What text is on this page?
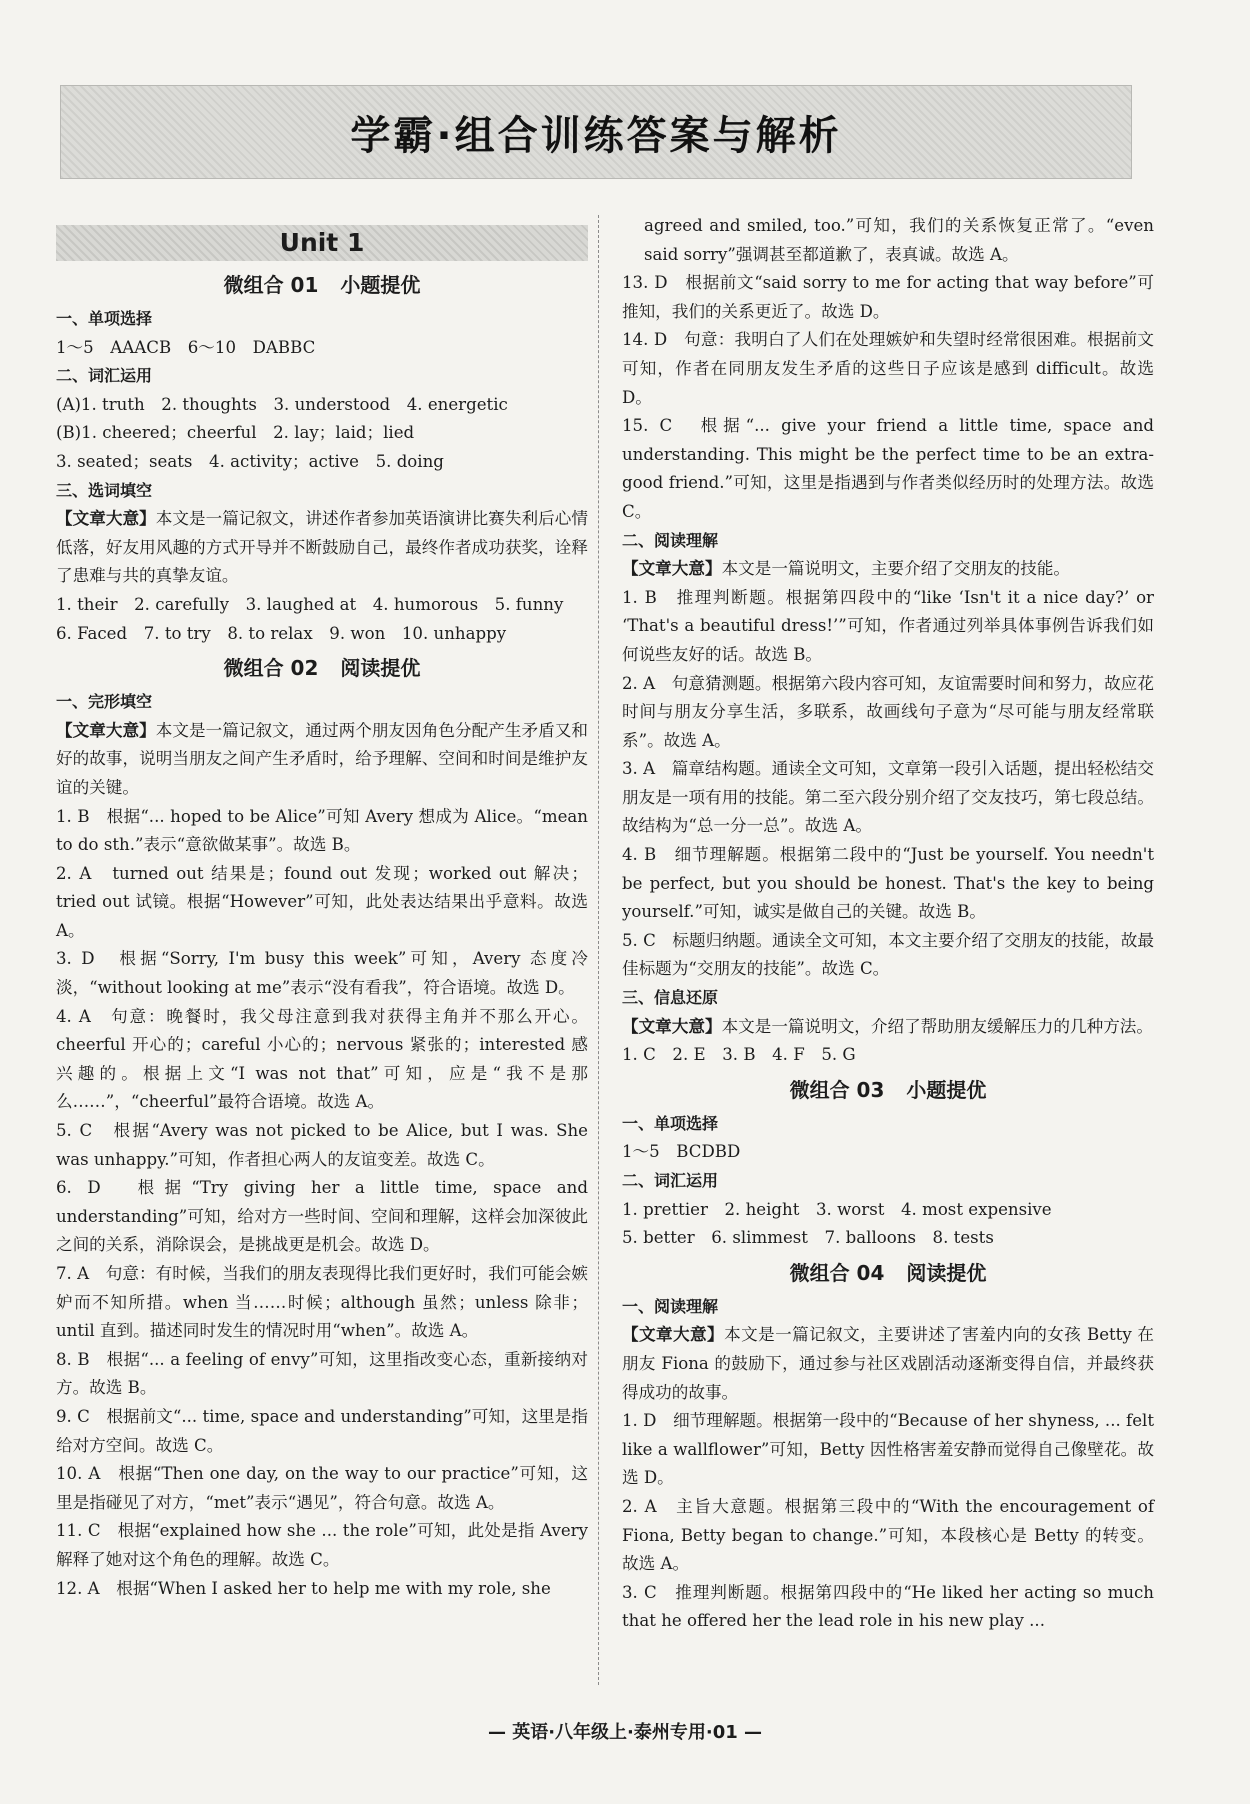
学霸·组合训练答案与解析
Unit 1
微组合 01 小题提优

一、单项选择

1～5　AAACB　6～10　DABBC

二、词汇运用

(A)1. truth　2. thoughts　3. understood　4. energetic

(B)1. cheered；cheerful　2. lay；laid；lied

3. seated；seats　4. activity；active　5. doing

三、选词填空

【文章大意】本文是一篇记叙文，讲述作者参加英语演讲比赛失利后心情低落，好友用风趣的方式开导并不断鼓励自己，最终作者成功获奖，诠释了患难与共的真挚友谊。

1. their　2. carefully　3. laughed at　4. humorous　5. funny

6. Faced　7. to try　8. to relax　9. won　10. unhappy

微组合 02 阅读提优

一、完形填空

【文章大意】本文是一篇记叙文，通过两个朋友因角色分配产生矛盾又和好的故事，说明当朋友之间产生矛盾时，给予理解、空间和时间是维护友谊的关键。

1. B　根据“... hoped to be Alice”可知 Avery 想成为 Alice。“mean to do sth.”表示“意欲做某事”。故选 B。

2. A　turned out 结果是；found out 发现；worked out 解决；tried out 试镜。根据“However”可知，此处表达结果出乎意料。故选 A。

3. D　根据“Sorry, I'm busy this week”可知，Avery 态度冷淡，“without looking at me”表示“没有看我”，符合语境。故选 D。

4. A　句意：晚餐时，我父母注意到我对获得主角并不那么开心。cheerful 开心的；careful 小心的；nervous 紧张的；interested 感兴趣的。根据上文“I was not that”可知，应是“我不是那么……”，“cheerful”最符合语境。故选 A。

5. C　根据“Avery was not picked to be Alice, but I was. She was unhappy.”可知，作者担心两人的友谊变差。故选 C。

6. D　根据“Try giving her a little time, space and understanding”可知，给对方一些时间、空间和理解，这样会加深彼此之间的关系，消除误会，是挑战更是机会。故选 D。

7. A　句意：有时候，当我们的朋友表现得比我们更好时，我们可能会嫉妒而不知所措。when 当……时候；although 虽然；unless 除非；until 直到。描述同时发生的情况时用“when”。故选 A。

8. B　根据“... a feeling of envy”可知，这里指改变心态，重新接纳对方。故选 B。

9. C　根据前文“... time, space and understanding”可知，这里是指给对方空间。故选 C。

10. A　根据“Then one day, on the way to our practice”可知，这里是指碰见了对方，“met”表示“遇见”，符合句意。故选 A。

11. C　根据“explained how she ... the role”可知，此处是指 Avery 解释了她对这个角色的理解。故选 C。

12. A　根据“When I asked her to help me with my role, she

agreed and smiled, too.”可知，我们的关系恢复正常了。“even said sorry”强调甚至都道歉了，表真诚。故选 A。

13. D　根据前文“said sorry to me for acting that way before”可推知，我们的关系更近了。故选 D。

14. D　句意：我明白了人们在处理嫉妒和失望时经常很困难。根据前文可知，作者在同朋友发生矛盾的这些日子应该是感到 difficult。故选 D。

15. C　根据“... give your friend a little time, space and understanding. This might be the perfect time to be an extra-good friend.”可知，这里是指遇到与作者类似经历时的处理方法。故选 C。

二、阅读理解

【文章大意】本文是一篇说明文，主要介绍了交朋友的技能。

1. B　推理判断题。根据第四段中的“like ‘Isn't it a nice day?’ or ‘That's a beautiful dress!’”可知，作者通过列举具体事例告诉我们如何说些友好的话。故选 B。

2. A　句意猜测题。根据第六段内容可知，友谊需要时间和努力，故应花时间与朋友分享生活，多联系，故画线句子意为“尽可能与朋友经常联系”。故选 A。

3. A　篇章结构题。通读全文可知，文章第一段引入话题，提出轻松结交朋友是一项有用的技能。第二至六段分别介绍了交友技巧，第七段总结。故结构为“总一分一总”。故选 A。

4. B　细节理解题。根据第二段中的“Just be yourself. You needn't be perfect, but you should be honest. That's the key to being yourself.”可知，诚实是做自己的关键。故选 B。

5. C　标题归纳题。通读全文可知，本文主要介绍了交朋友的技能，故最佳标题为“交朋友的技能”。故选 C。

三、信息还原

【文章大意】本文是一篇说明文，介绍了帮助朋友缓解压力的几种方法。

1. C　2. E　3. B　4. F　5. G

微组合 03 小题提优

一、单项选择

1～5　BCDBD

二、词汇运用

1. prettier　2. height　3. worst　4. most expensive

5. better　6. slimmest　7. balloons　8. tests

微组合 04 阅读提优

一、阅读理解

【文章大意】本文是一篇记叙文，主要讲述了害羞内向的女孩 Betty 在朋友 Fiona 的鼓励下，通过参与社区戏剧活动逐渐变得自信，并最终获得成功的故事。

1. D　细节理解题。根据第一段中的“Because of her shyness, ... felt like a wallflower”可知，Betty 因性格害羞安静而觉得自己像壁花。故选 D。

2. A　主旨大意题。根据第三段中的“With the encouragement of Fiona, Betty began to change.”可知，本段核心是 Betty 的转变。故选 A。

3. C　推理判断题。根据第四段中的“He liked her acting so much that he offered her the lead role in his new play ...

— 英语·八年级上·泰州专用·01 —
